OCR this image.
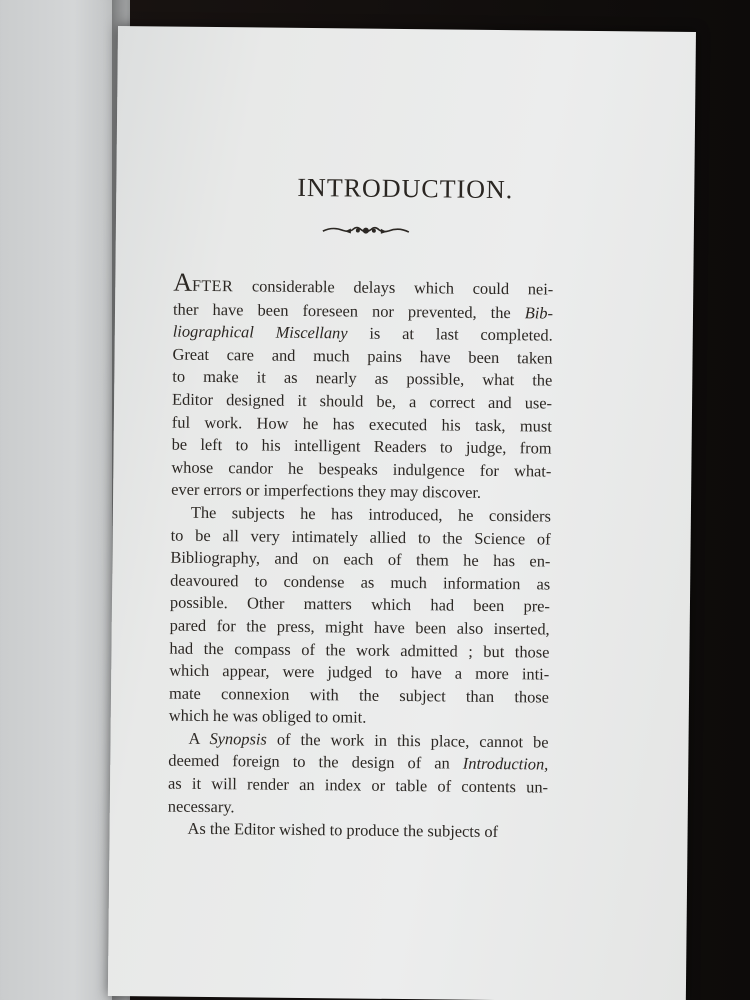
INTRODUCTION.
AFTER considerable delays which could nei-
ther have been foreseen nor prevented, the Bib-
liographical Miscellany is at last completed.
Great care and much pains have been taken
to make it as nearly as possible, what the
Editor designed it should be, a correct and use-
ful work. How he has executed his task, must
be left to his intelligent Readers to judge, from
whose candor he bespeaks indulgence for what-
ever errors or imperfections they may discover.
The subjects he has introduced, he considers
to be all very intimately allied to the Science of
Bibliography, and on each of them he has en-
deavoured to condense as much information as
possible. Other matters which had been pre-
pared for the press, might have been also inserted,
had the compass of the work admitted ; but those
which appear, were judged to have a more inti-
mate connexion with the subject than those
which he was obliged to omit.
A Synopsis of the work in this place, cannot be
deemed foreign to the design of an Introduction,
as it will render an index or table of contents un-
necessary.
As the Editor wished to produce the subjects of
